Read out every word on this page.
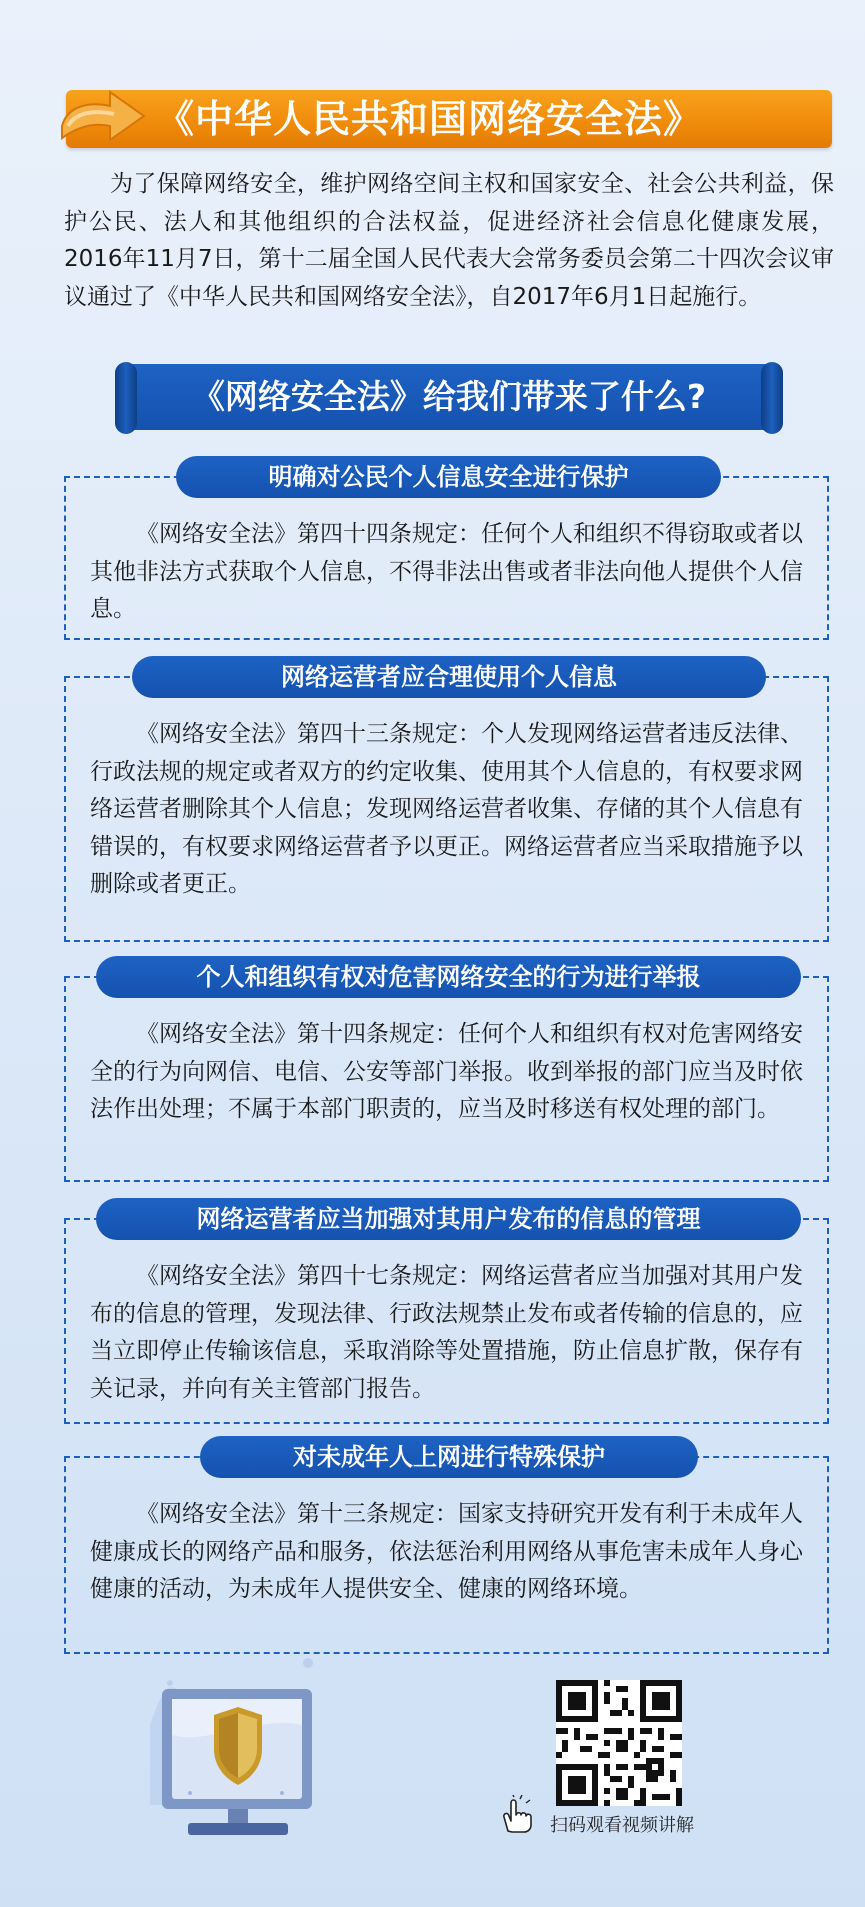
《中华人民共和国网络安全法》
为了保障网络安全，维护网络空间主权和国家安全、社会公共利益，保护公民、法人和其他组织的合法权益，促进经济社会信息化健康发展，2016年11月7日，第十二届全国人民代表大会常务委员会第二十四次会议审议通过了《中华人民共和国网络安全法》，自2017年6月1日起施行。
《网络安全法》给我们带来了什么?
明确对公民个人信息安全进行保护
《网络安全法》第四十四条规定：任何个人和组织不得窃取或者以其他非法方式获取个人信息，不得非法出售或者非法向他人提供个人信息。
网络运营者应合理使用个人信息
《网络安全法》第四十三条规定：个人发现网络运营者违反法律、行政法规的规定或者双方的约定收集、使用其个人信息的，有权要求网络运营者删除其个人信息；发现网络运营者收集、存储的其个人信息有错误的，有权要求网络运营者予以更正。网络运营者应当采取措施予以删除或者更正。
个人和组织有权对危害网络安全的行为进行举报
《网络安全法》第十四条规定：任何个人和组织有权对危害网络安全的行为向网信、电信、公安等部门举报。收到举报的部门应当及时依法作出处理；不属于本部门职责的，应当及时移送有权处理的部门。
网络运营者应当加强对其用户发布的信息的管理
《网络安全法》第四十七条规定：网络运营者应当加强对其用户发布的信息的管理，发现法律、行政法规禁止发布或者传输的信息的，应当立即停止传输该信息，采取消除等处置措施，防止信息扩散，保存有关记录，并向有关主管部门报告。
对未成年人上网进行特殊保护
《网络安全法》第十三条规定：国家支持研究开发有利于未成年人健康成长的网络产品和服务，依法惩治利用网络从事危害未成年人身心健康的活动，为未成年人提供安全、健康的网络环境。
扫码观看视频讲解
